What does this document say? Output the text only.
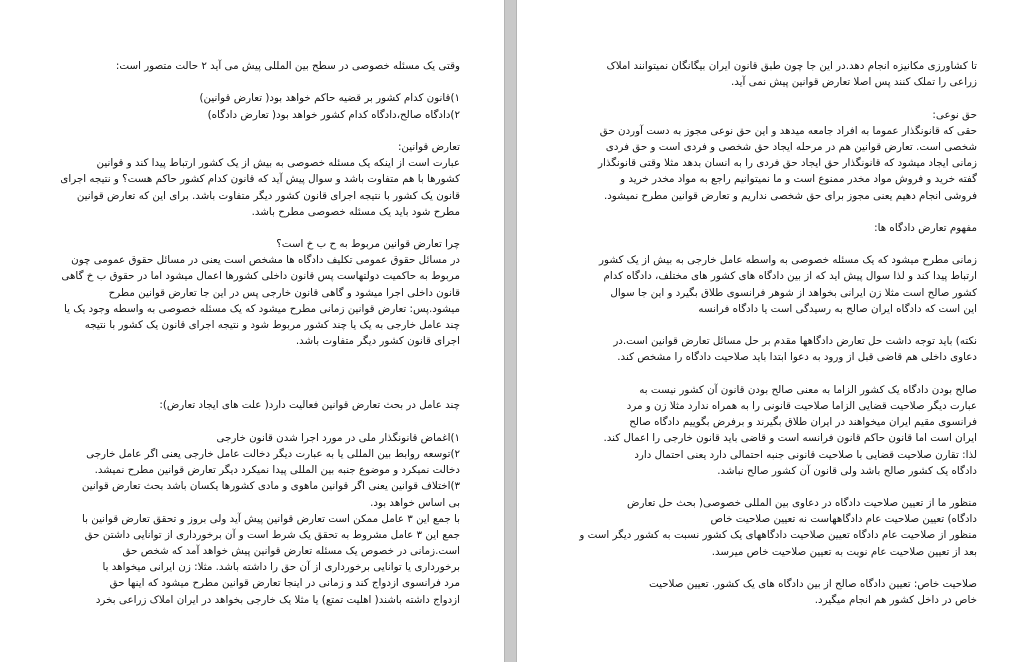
وقتی یک مسئله خصوصی در سطح بین المللی پیش می آید ۲ حالت متصور است:
۱)قانون کدام کشور بر قضیه حاکم خواهد بود( تعارض قوانین)
۲)دادگاه صالح،دادگاه کدام کشور خواهد بود( تعارض دادگاه)
تعارض قوانین:
عبارت است از اینکه یک مسئله خصوصی به بیش از یک کشور ارتباط پیدا کند و قوانین
کشورها با هم متفاوت باشد و سوال پیش آید که قانون کدام کشور حاکم هست؟ و نتیجه اجرای
قانون یک کشور با نتیجه اجرای قانون کشور دیگر متفاوت باشد. برای این که تعارض قوانین
مطرح شود باید یک مسئله خصوصی مطرح باشد.
چرا تعارض قوانین مربوط به ح ب خ است؟
در مسائل حقوق عمومی تکلیف دادگاه ها مشخص است یعنی در مسائل حقوق عمومی چون
مربوط به حاکمیت دولتهاست پس قانون داخلی کشورها اعمال میشود اما در حقوق ب خ گاهی
قانون داخلی اجرا میشود و گاهی قانون خارجی پس در این جا تعارض قوانین مطرح
میشود.پس: تعارض قوانین زمانی مطرح میشود که یک مسئله خصوصی به واسطه وجود یک یا
چند عامل خارجی به یک یا چند کشور مربوط شود و نتیجه اجرای قانون یک کشور با نتیجه
اجرای قانون کشور دیگر متفاوت باشد.
چند عامل در بحث تعارض قوانین فعالیت دارد( علت های ایجاد تعارض):
۱)اغماض قانونگذار ملی در مورد اجرا شدن قانون خارجی
۲)توسعه روابط بین المللی یا به عبارت دیگر دخالت عامل خارجی یعنی اگر عامل خارجی
دخالت نمیکرد و موضوع جنبه بین المللی پیدا نمیکرد دیگر تعارض قوانین مطرح نمیشد.
۳)اختلاف قوانین یعنی اگر قوانین ماهوی و مادی کشورها یکسان باشد بحث تعارض قوانین
بی اساس خواهد بود.
با جمع این ۳ عامل ممکن است تعارض قوانین پیش آید ولی بروز و تحقق تعارض قوانین با
جمع این ۳ عامل مشروط به تحقق یک شرط است و آن برخورداری از توانایی داشتن حق
است.زمانی در خصوص یک مسئله تعارض قوانین پیش خواهد آمد که شخص حق
برخورداری یا توانایی برخورداری از آن حق را داشته باشد. مثلا: زن ایرانی میخواهد با
مرد فرانسوی ازدواج کند و زمانی در اینجا تعارض قوانین مطرح میشود که اینها حق
ازدواج داشته باشند( اهلیت تمتع) یا مثلا یک خارجی بخواهد در ایران املاک زراعی بخرد
تا کشاورزی مکانیزه انجام دهد.در این جا چون طبق قانون ایران بیگانگان نمیتوانند املاک
زراعی را تملک کنند پس اصلا تعارض قوانین پیش نمی آید.
حق نوعی:
حقی که قانونگذار عموما به افراد جامعه میدهد و این حق نوعی مجوز به دست آوردن حق
شخصی است. تعارض قوانین هم در مرحله ایجاد حق شخصی و فردی است و حق فردی
زمانی ایجاد میشود که قانونگذار حق ایجاد حق فردی را به انسان بدهد مثلا وقتی قانونگذار
گفته خرید و فروش مواد مخدر ممنوع است و ما نمیتوانیم راجع به مواد مخدر خرید و
فروشی انجام دهیم یعنی مجوز برای حق شخصی نداریم و تعارض قوانین مطرح نمیشود.
مفهوم تعارض دادگاه ها:
زمانی مطرح میشود که یک مسئله خصوصی به واسطه عامل خارجی به بیش از یک کشور
ارتباط پیدا کند و لذا سوال پیش اید که از بین دادگاه های کشور های مختلف، دادگاه کدام
کشور صالح است مثلا زن ایرانی بخواهد از شوهر فرانسوی طلاق بگیرد و این جا سوال
این است که دادگاه ایران صالح به رسیدگی است یا دادگاه فرانسه
نکته) باید توجه داشت حل تعارض دادگاهها مقدم بر حل مسائل تعارض قوانین است.در
دعاوی داخلی هم قاضی قبل از ورود به دعوا ابتدا باید صلاحیت دادگاه را مشخص کند.
صالح بودن دادگاه یک کشور الزاما به معنی صالح بودن قانون آن کشور نیست به
عبارت دیگر صلاحیت قضایی الزاما صلاحیت قانونی را به همراه ندارد مثلا زن و مرد
فرانسوی مقیم ایران میخواهند در ایران طلاق بگیرند و برفرض بگوییم دادگاه صالح
ایران است اما قانون حاکم قانون فرانسه است و قاضی باید قانون خارجی را اعمال کند.
لذا: تقارن صلاحیت قضایی با صلاحیت قانونی جنبه احتمالی دارد یعنی احتمال دارد
دادگاه یک کشور صالح باشد ولی قانون آن کشور صالح نباشد.
منظور ما از تعیین صلاحیت دادگاه در دعاوی بین المللی خصوصی( بحث حل تعارض
دادگاه) تعیین صلاحیت عام دادگاههاست نه تعیین صلاحیت خاص
منظور از صلاحیت عام دادگاه تعیین صلاحیت دادگاههای یک کشور نسبت به کشور دیگر است و
بعد از تعیین صلاحیت عام نوبت به تعیین صلاحیت خاص میرسد.
صلاحیت خاص: تعیین دادگاه صالح از بین دادگاه های یک کشور. تعیین صلاحیت
خاص در داخل کشور هم انجام میگیرد.
